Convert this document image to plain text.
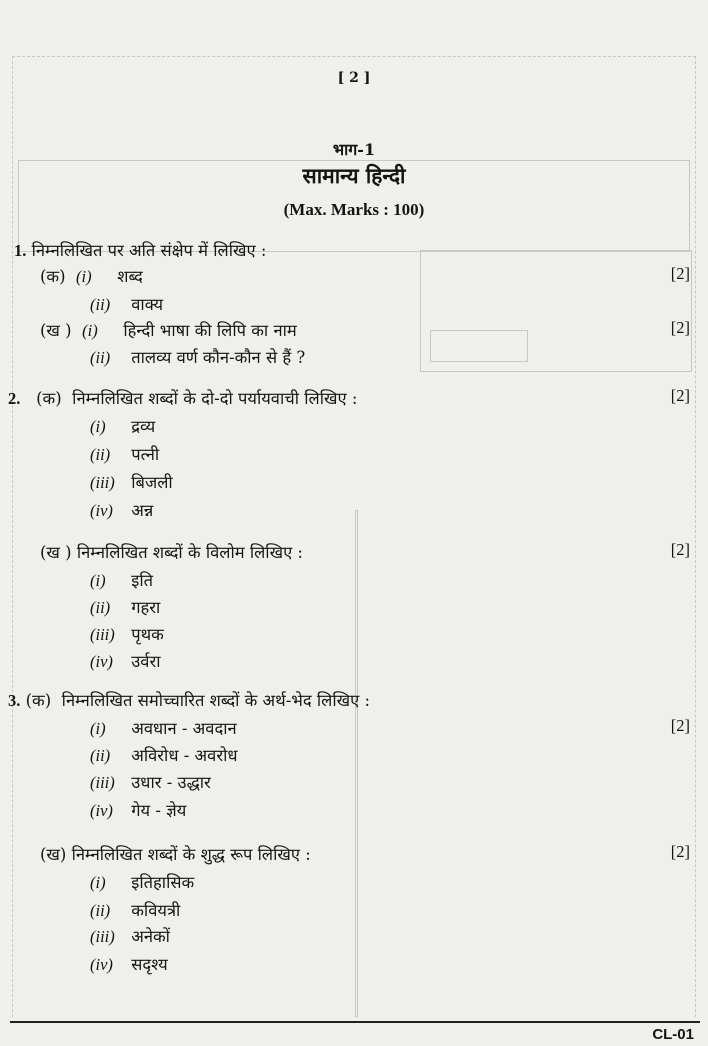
[ 2 ]
भाग-1
सामान्य हिन्दी
(Max. Marks : 100)
1. निम्नलिखित पर अति संक्षेप में लिखिए :
(क) (i) शब्द	[2]
(ii) वाक्य
(ख ) (i) हिन्दी भाषा की लिपि का नाम	[2]
(ii) तालव्य वर्ण कौन-कौन से हैं ?
2. (क) निम्नलिखित शब्दों के दो-दो पर्यायवाची लिखिए :	[2]
(i) द्रव्य
(ii) पत्नी
(iii) बिजली
(iv) अन्न
(ख ) निम्नलिखित शब्दों के विलोम लिखिए :	[2]
(i) इति
(ii) गहरा
(iii) पृथक
(iv) उर्वरा
3. (क) निम्नलिखित समोच्चारित शब्दों के अर्थ-भेद लिखिए :
[2]
(i) अवधान - अवदान
(ii) अविरोध - अवरोध
(iii) उधार - उद्धार
(iv) गेय - ज्ञेय
(ख) निम्नलिखित शब्दों के शुद्ध रूप लिखिए :	[2]
(i) इतिहासिक
(ii) कवियत्री
(iii) अनेकों
(iv) सदृश्य
CL-01
